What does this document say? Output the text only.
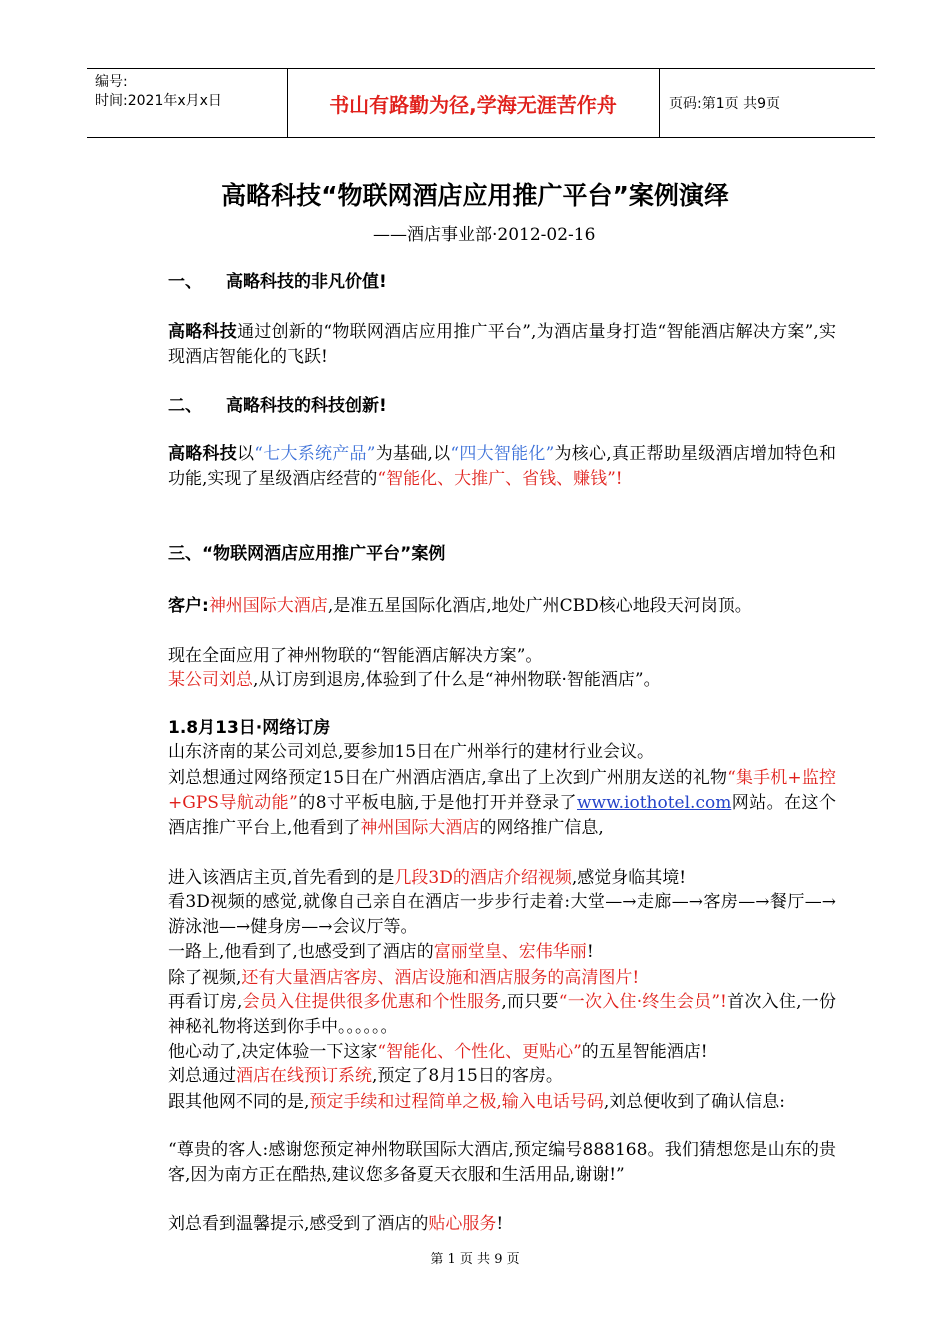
编号:
时间:2021年x月x日	书山有路勤为径,学海无涯苦作舟	页码:第1页 共9页
高略科技“物联网酒店应用推广平台”案例演绎
——酒店事业部·2012-02-16
一、 高略科技的非凡价值!
高略科技通过创新的“物联网酒店应用推广平台”,为酒店量身打造“智能酒店解决方案”,实现酒店智能化的飞跃!
二、 高略科技的科技创新!
高略科技以“七大系统产品”为基础,以“四大智能化”为核心,真正帮助星级酒店增加特色和功能,实现了星级酒店经营的“智能化、大推广、省钱、赚钱”!
三、“物联网酒店应用推广平台”案例
客户:神州国际大酒店,是准五星国际化酒店,地处广州CBD核心地段天河岗顶。
现在全面应用了神州物联的“智能酒店解决方案”。
某公司刘总,从订房到退房,体验到了什么是“神州物联·智能酒店”。
1.8月13日·网络订房
山东济南的某公司刘总,要参加15日在广州举行的建材行业会议。
刘总想通过网络预定15日在广州酒店酒店,拿出了上次到广州朋友送的礼物“集手机+监控+GPS导航动能”的8寸平板电脑,于是他打开并登录了www.iothotel.com网站。在这个酒店推广平台上,他看到了神州国际大酒店的网络推广信息,
进入该酒店主页,首先看到的是几段3D的酒店介绍视频,感觉身临其境!
看3D视频的感觉,就像自己亲自在酒店一步步行走着:大堂—→走廊—→客房—→餐厅—→游泳池—→健身房—→会议厅等。
一路上,他看到了,也感受到了酒店的富丽堂皇、宏伟华丽!
除了视频,还有大量酒店客房、酒店设施和酒店服务的高清图片!
再看订房,会员入住提供很多优惠和个性服务,而只要“一次入住·终生会员”!首次入住,一份神秘礼物将送到你手中。。。。。。
他心动了,决定体验一下这家“智能化、个性化、更贴心”的五星智能酒店!
刘总通过酒店在线预订系统,预定了8月15日的客房。
跟其他网不同的是,预定手续和过程简单之极,输入电话号码,刘总便收到了确认信息:
“尊贵的客人:感谢您预定神州物联国际大酒店,预定编号888168。我们猜想您是山东的贵客,因为南方正在酷热,建议您多备夏天衣服和生活用品,谢谢!”
刘总看到温馨提示,感受到了酒店的贴心服务!
第 1 页 共 9 页
